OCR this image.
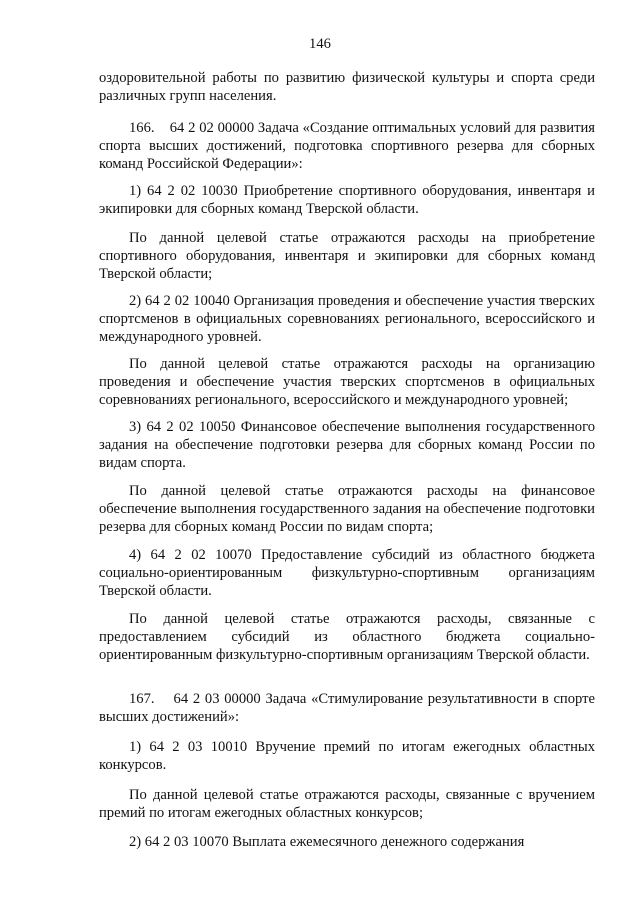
146

оздоровительной работы по развитию физической культуры и спорта среди различных групп населения.

166.    64 2 02 00000 Задача «Создание оптимальных условий для развития спорта высших достижений, подготовка спортивного резерва для сборных команд Российской Федерации»:

1) 64 2 02 10030 Приобретение спортивного оборудования, инвентаря и экипировки для сборных команд Тверской области.

По данной целевой статье отражаются расходы на приобретение спортивного оборудования, инвентаря и экипировки для сборных команд Тверской области;

2) 64 2 02 10040 Организация проведения и обеспечение участия тверских спортсменов в официальных соревнованиях регионального, всероссийского и международного уровней.

По данной целевой статье отражаются расходы на организацию проведения и обеспечение участия тверских спортсменов в официальных соревнованиях регионального, всероссийского и международного уровней;

3) 64 2 02 10050 Финансовое обеспечение выполнения государственного задания на обеспечение подготовки резерва для сборных команд России по видам спорта.

По данной целевой статье отражаются расходы на финансовое обеспечение выполнения государственного задания на обеспечение подготовки резерва для сборных команд России по видам спорта;

4) 64 2 02 10070 Предоставление субсидий из областного бюджета социально-ориентированным физкультурно-спортивным организациям Тверской области.

По данной целевой статье отражаются расходы, связанные с предоставлением субсидий из областного бюджета социально-ориентированным физкультурно-спортивным организациям Тверской области.

167.    64 2 03 00000 Задача «Стимулирование результативности в спорте высших достижений»:

1) 64 2 03 10010 Вручение премий по итогам ежегодных областных конкурсов.

По данной целевой статье отражаются расходы, связанные с вручением премий по итогам ежегодных областных конкурсов;

2) 64 2 03 10070 Выплата ежемесячного денежного содержания
